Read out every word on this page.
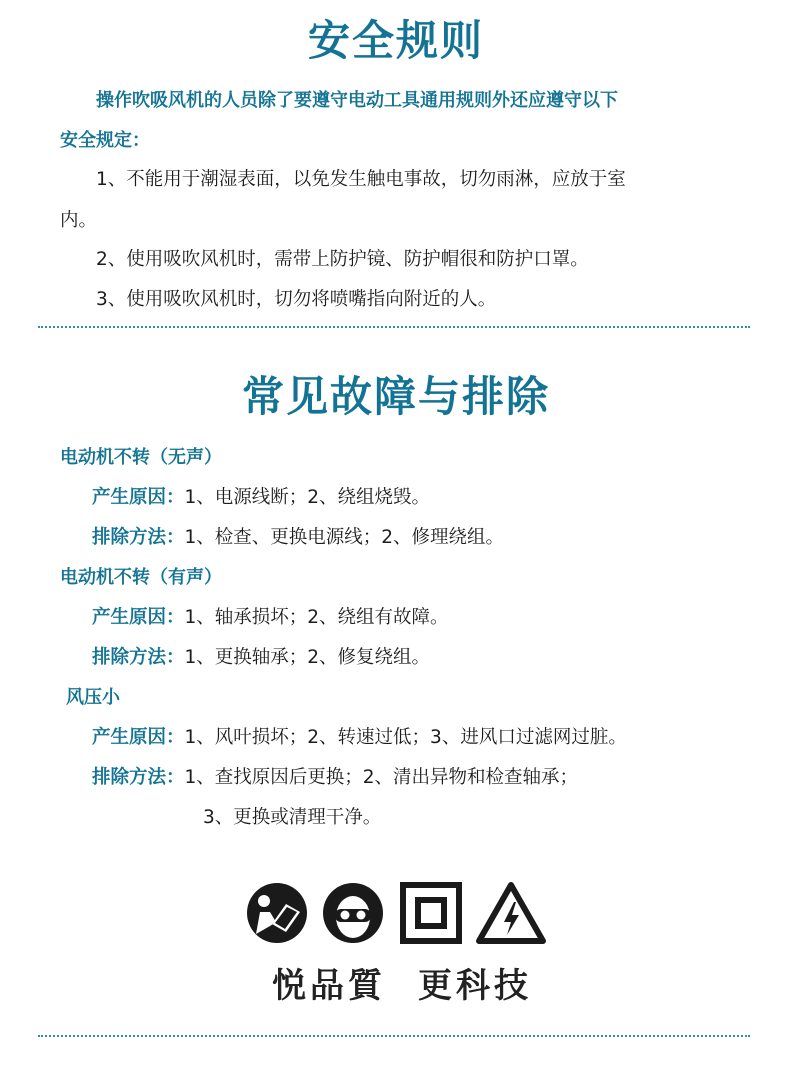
安全规则
操作吹吸风机的人员除了要遵守电动工具通用规则外还应遵守以下
安全规定：
1、不能用于潮湿表面，以免发生触电事故，切勿雨淋，应放于室
内。
2、使用吸吹风机时，需带上防护镜、防护帽很和防护口罩。
3、使用吸吹风机时，切勿将喷嘴指向附近的人。
常见故障与排除
电动机不转（无声）
产生原因：1、电源线断；2、绕组烧毁。
排除方法：1、检查、更换电源线；2、修理绕组。
电动机不转（有声）
产生原因：1、轴承损坏；2、绕组有故障。
排除方法：1、更换轴承；2、修复绕组。
风压小
产生原因：1、风叶损坏；2、转速过低；3、进风口过滤网过脏。
排除方法：1、查找原因后更换；2、清出异物和检查轴承；
3、更换或清理干净。
悦品質 更科技
